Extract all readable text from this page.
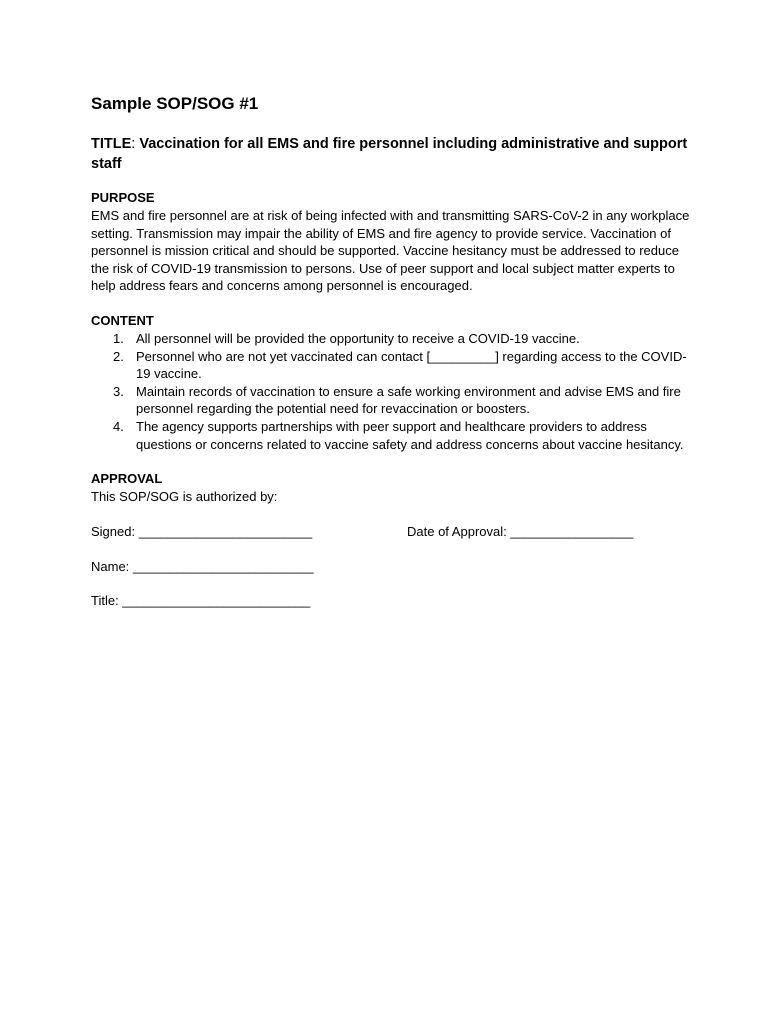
Sample SOP/SOG #1

TITLE: Vaccination for all EMS and fire personnel including administrative and support staff

PURPOSE

EMS and fire personnel are at risk of being infected with and transmitting SARS-CoV-2 in any workplace setting. Transmission may impair the ability of EMS and fire agency to provide service. Vaccination of personnel is mission critical and should be supported. Vaccine hesitancy must be addressed to reduce the risk of COVID-19 transmission to persons. Use of peer support and local subject matter experts to help address fears and concerns among personnel is encouraged.

CONTENT

1. All personnel will be provided the opportunity to receive a COVID-19 vaccine.
2. Personnel who are not yet vaccinated can contact [_________] regarding access to the COVID-19 vaccine.
3. Maintain records of vaccination to ensure a safe working environment and advise EMS and fire personnel regarding the potential need for revaccination or boosters.
4. The agency supports partnerships with peer support and healthcare providers to address questions or concerns related to vaccine safety and address concerns about vaccine hesitancy.

APPROVAL

This SOP/SOG is authorized by:

Signed: ________________________	Date of Approval: _________________
Name: _________________________
Title: __________________________
